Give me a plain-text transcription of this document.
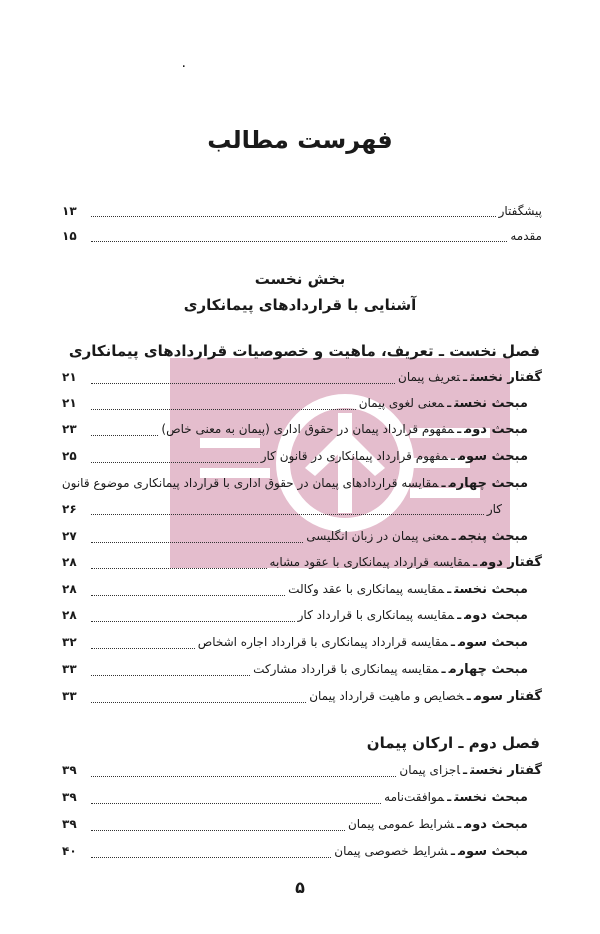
٠
فهرست مطالب
پیشگفتار
۱۳
مقدمه
۱۵
بخش نخست
آشنایی با قراردادهای پیمانکاری
فصل نخست ـ تعریف، ماهیت و خصوصیات قراردادهای پیمانکاری
گفتار نخستـتعریف پیمان
۲۱
مبحث نخستـمعنی لغوی پیمان
۲۱
مبحث دومـمفهوم قرارداد پیمان در حقوق اداری (پیمان به معنی خاص)
۲۳
مبحث سومـمفهوم قرارداد پیمانکاری در قانون کار
۲۵
مبحث چهارمـمقایسه قراردادهای پیمان در حقوق اداری با قرارداد پیمانکاری موضوع قانون
کار
۲۶
مبحث پنجمـمعنی پیمان در زبان انگلیسی
۲۷
گفتار دومـمقایسه قرارداد پیمانکاری با عقود مشابه
۲۸
مبحث نخستـمقایسه پیمانکاری با عقد وکالت
۲۸
مبحث دومـمقایسه پیمانکاری با قرارداد کار
۲۸
مبحث سومـمقایسه قرارداد پیمانکاری با قرارداد اجاره اشخاص
۳۲
مبحث چهارمـمقایسه پیمانکاری با قرارداد مشارکت
۳۳
گفتار سومـخصایص و ماهیت قرارداد پیمان
۳۳
فصل دوم ـ ارکان پیمان
گفتار نخستـاجزای پیمان
۳۹
مبحث نخستـموافقت‌نامه
۳۹
مبحث دومـشرایط عمومی پیمان
۳۹
مبحث سومـشرایط خصوصی پیمان
۴۰
۵
